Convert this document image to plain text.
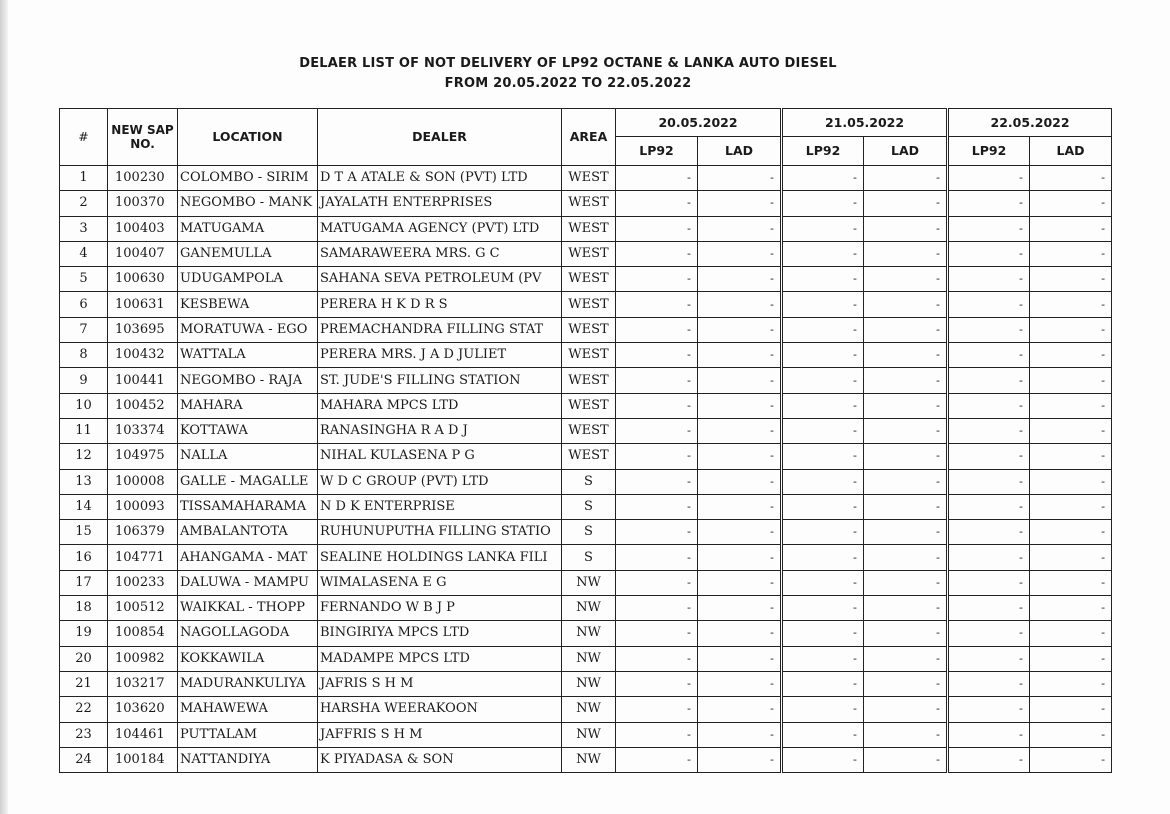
DELAER LIST OF NOT DELIVERY OF LP92 OCTANE & LANKA AUTO DIESEL
FROM 20.05.2022 TO 22.05.2022
#	NEW SAP NO.	LOCATION	DEALER	AREA	20.05.2022		21.05.2022		22.05.2022	
					LP92	LAD	LP92	LAD	LP92	LAD
1	100230	COLOMBO - SIRIM	D T A ATALE & SON (PVT) LTD	WEST	-	-	-	-	-	-
2	100370	NEGOMBO - MANK	JAYALATH ENTERPRISES	WEST	-	-	-	-	-	-
3	100403	MATUGAMA	MATUGAMA AGENCY (PVT) LTD	WEST	-	-	-	-	-	-
4	100407	GANEMULLA	SAMARAWEERA MRS. G C	WEST	-	-	-	-	-	-
5	100630	UDUGAMPOLA	SAHANA SEVA PETROLEUM (PV	WEST	-	-	-	-	-	-
6	100631	KESBEWA	PERERA H K D R S	WEST	-	-	-	-	-	-
7	103695	MORATUWA - EGO	PREMACHANDRA FILLING STAT	WEST	-	-	-	-	-	-
8	100432	WATTALA	PERERA MRS. J A D JULIET	WEST	-	-	-	-	-	-
9	100441	NEGOMBO - RAJA	ST. JUDE'S FILLING STATION	WEST	-	-	-	-	-	-
10	100452	MAHARA	MAHARA MPCS LTD	WEST	-	-	-	-	-	-
11	103374	KOTTAWA	RANASINGHA R A D J	WEST	-	-	-	-	-	-
12	104975	NALLA	NIHAL KULASENA P G	WEST	-	-	-	-	-	-
13	100008	GALLE - MAGALLE	W D C GROUP (PVT) LTD	S	-	-	-	-	-	-
14	100093	TISSAMAHARAMA	N D K ENTERPRISE	S	-	-	-	-	-	-
15	106379	AMBALANTOTA	RUHUNUPUTHA FILLING STATIO	S	-	-	-	-	-	-
16	104771	AHANGAMA - MAT	SEALINE HOLDINGS LANKA FILI	S	-	-	-	-	-	-
17	100233	DALUWA - MAMPU	WIMALASENA E G	NW	-	-	-	-	-	-
18	100512	WAIKKAL - THOPP	FERNANDO W B J P	NW	-	-	-	-	-	-
19	100854	NAGOLLAGODA	BINGIRIYA MPCS LTD	NW	-	-	-	-	-	-
20	100982	KOKKAWILA	MADAMPE MPCS LTD	NW	-	-	-	-	-	-
21	103217	MADURANKULIYA	JAFRIS S H M	NW	-	-	-	-	-	-
22	103620	MAHAWEWA	HARSHA WEERAKOON	NW	-	-	-	-	-	-
23	104461	PUTTALAM	JAFFRIS S H M	NW	-	-	-	-	-	-
24	100184	NATTANDIYA	K PIYADASA & SON	NW	-	-	-	-	-	-
